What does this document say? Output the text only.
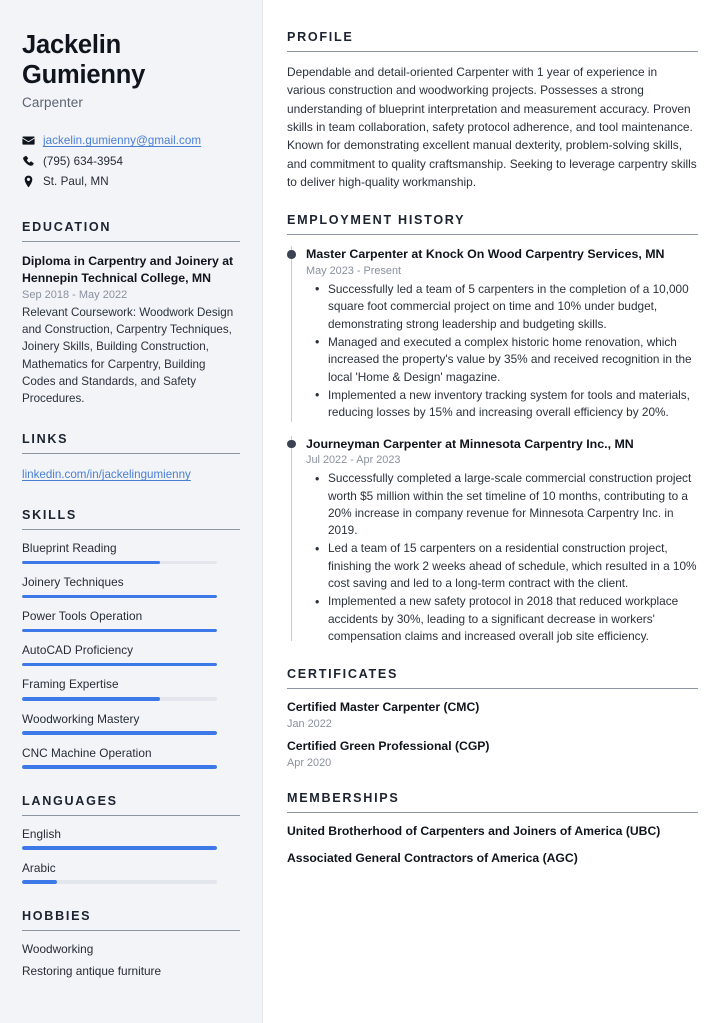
Jackelin
Gumienny
Carpenter
jackelin.gumienny@gmail.com
(795) 634-3954
St. Paul, MN
EDUCATION
Diploma in Carpentry and Joinery at Hennepin Technical College, MN
Sep 2018 - May 2022
Relevant Coursework: Woodwork Design and Construction, Carpentry Techniques, Joinery Skills, Building Construction, Mathematics for Carpentry, Building Codes and Standards, and Safety Procedures.
LINKS
linkedin.com/in/jackelingumienny
SKILLS
Blueprint Reading
Joinery Techniques
Power Tools Operation
AutoCAD Proficiency
Framing Expertise
Woodworking Mastery
CNC Machine Operation
LANGUAGES
English
Arabic
HOBBIES
Woodworking
Restoring antique furniture
PROFILE

Dependable and detail-oriented Carpenter with 1 year of experience in various construction and woodworking projects. Possesses a strong understanding of blueprint interpretation and measurement accuracy. Proven skills in team collaboration, safety protocol adherence, and tool maintenance. Known for demonstrating excellent manual dexterity, problem-solving skills, and commitment to quality craftsmanship. Seeking to leverage carpentry skills to deliver high-quality workmanship.

EMPLOYMENT HISTORY
Master Carpenter at Knock On Wood Carpentry Services, MN
May 2023 - Present
• Successfully led a team of 5 carpenters in the completion of a 10,000 square foot commercial project on time and 10% under budget, demonstrating strong leadership and budgeting skills.
• Managed and executed a complex historic home renovation, which increased the property's value by 35% and received recognition in the local 'Home & Design' magazine.
• Implemented a new inventory tracking system for tools and materials, reducing losses by 15% and increasing overall efficiency by 20%.
Journeyman Carpenter at Minnesota Carpentry Inc., MN
Jul 2022 - Apr 2023
• Successfully completed a large-scale commercial construction project worth $5 million within the set timeline of 10 months, contributing to a 20% increase in company revenue for Minnesota Carpentry Inc. in 2019.
• Led a team of 15 carpenters on a residential construction project, finishing the work 2 weeks ahead of schedule, which resulted in a 10% cost saving and led to a long-term contract with the client.
• Implemented a new safety protocol in 2018 that reduced workplace accidents by 30%, leading to a significant decrease in workers' compensation claims and increased overall job site efficiency.
CERTIFICATES
Certified Master Carpenter (CMC)
Jan 2022
Certified Green Professional (CGP)
Apr 2020
MEMBERSHIPS
United Brotherhood of Carpenters and Joiners of America (UBC)
Associated General Contractors of America (AGC)
